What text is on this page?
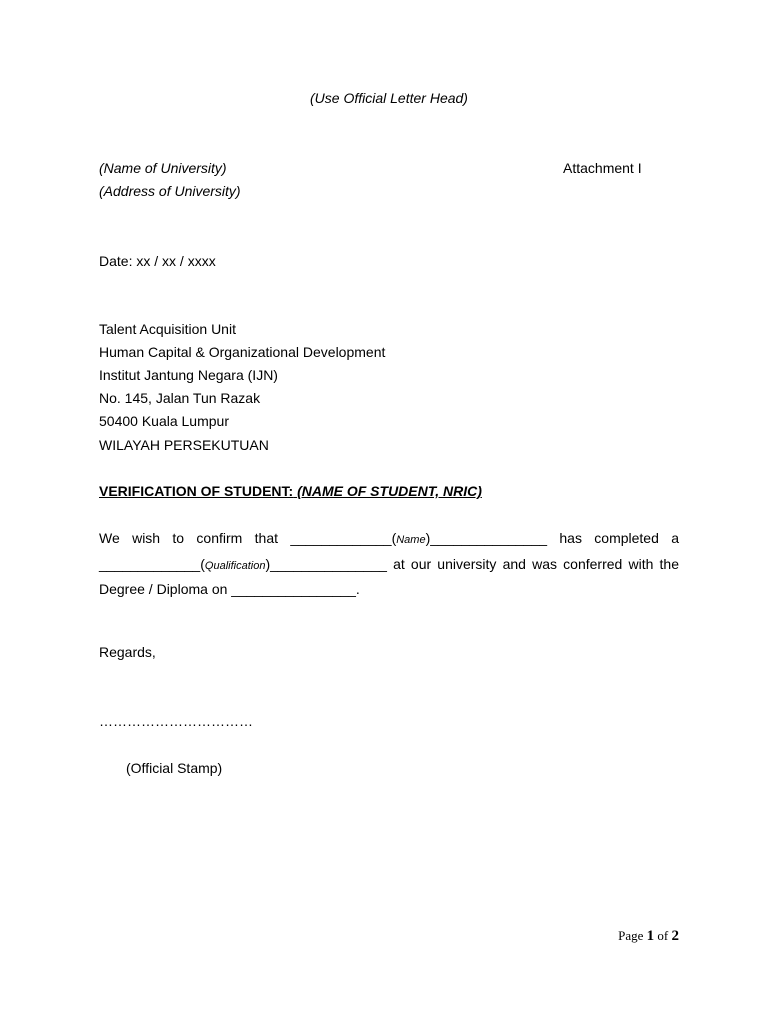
(Use Official Letter Head)
(Name of University)
(Address of University)
Attachment I
Date: xx / xx / xxxx
Talent Acquisition Unit
Human Capital & Organizational Development
Institut Jantung Negara (IJN)
No. 145, Jalan Tun Razak
50400 Kuala Lumpur
WILAYAH PERSEKUTUAN
VERIFICATION OF STUDENT: (NAME OF STUDENT, NRIC)
We wish to confirm that _____________(Name)_______________ has completed a
_____________(Qualification)_______________ at our university and was conferred with the
Degree / Diploma on ________________.
Regards,
……………………………
(Official Stamp)
Page 1 of 2
